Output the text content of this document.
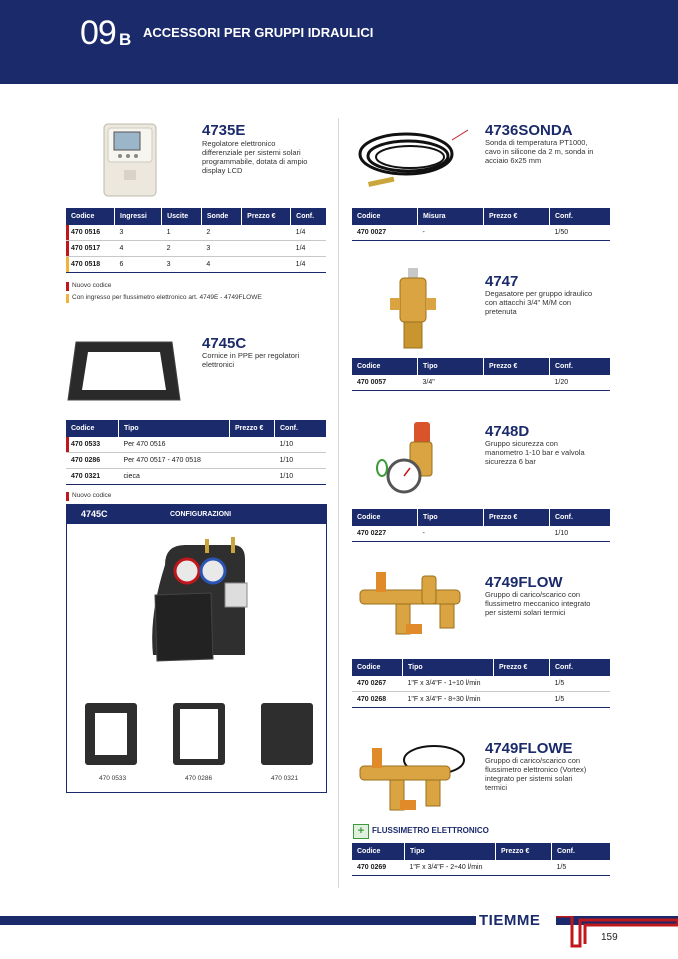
09 B ACCESSORI PER GRUPPI IDRAULICI
4735E
Regolatore elettronico
differenziale per sistemi solari
programmabile, dotata di ampio
display LCD
Codice	Ingressi	Uscite	Sonde	Prezzo €	Conf.
470 0516	3	1	2		1/4
470 0517	4	2	3		1/4
470 0518	6	3	4		1/4
Nuovo codice
Con ingresso per flussimetro elettronico art. 4749E - 4749FLOWE
4745C
Cornice in PPE per regolatori
elettronici
Codice	Tipo	Prezzo €	Conf.
470 0533	Per 470 0516		1/10
470 0286	Per 470 0517 - 470 0518		1/10
470 0321	cieca		1/10
Nuovo codice
4745C	CONFIGURAZIONI
470 0533	470 0286	470 0321
4736SONDA
Sonda di temperatura PT1000,
cavo in silicone da 2 m, sonda in
acciaio 6x25 mm
Codice	Misura	Prezzo €	Conf.
470 0027	-		1/50
4747
Degasatore per gruppo idraulico
con attacchi 3/4" M/M con
pretenuta
Codice	Tipo	Prezzo €	Conf.
470 0057	3/4"		1/20
4748D
Gruppo sicurezza con
manometro 1-10 bar e valvola
sicurezza 6 bar
Codice	Tipo	Prezzo €	Conf.
470 0227	-		1/10
4749FLOW
Gruppo di carico/scarico con
flussimetro meccanico integrato
per sistemi solari termici
Codice	Tipo	Prezzo €	Conf.
470 0267	1"F x 3/4"F - 1÷10 l/min		1/5
470 0268	1"F x 3/4"F - 8÷30 l/min		1/5
4749FLOWE
Gruppo di carico/scarico con
flussimetro elettronico (Vortex)
integrato per sistemi solari
termici
+ FLUSSIMETRO ELETTRONICO
Codice	Tipo	Prezzo €	Conf.
470 0269	1"F x 3/4"F - 2÷40 l/min		1/5
TIEMME
159
